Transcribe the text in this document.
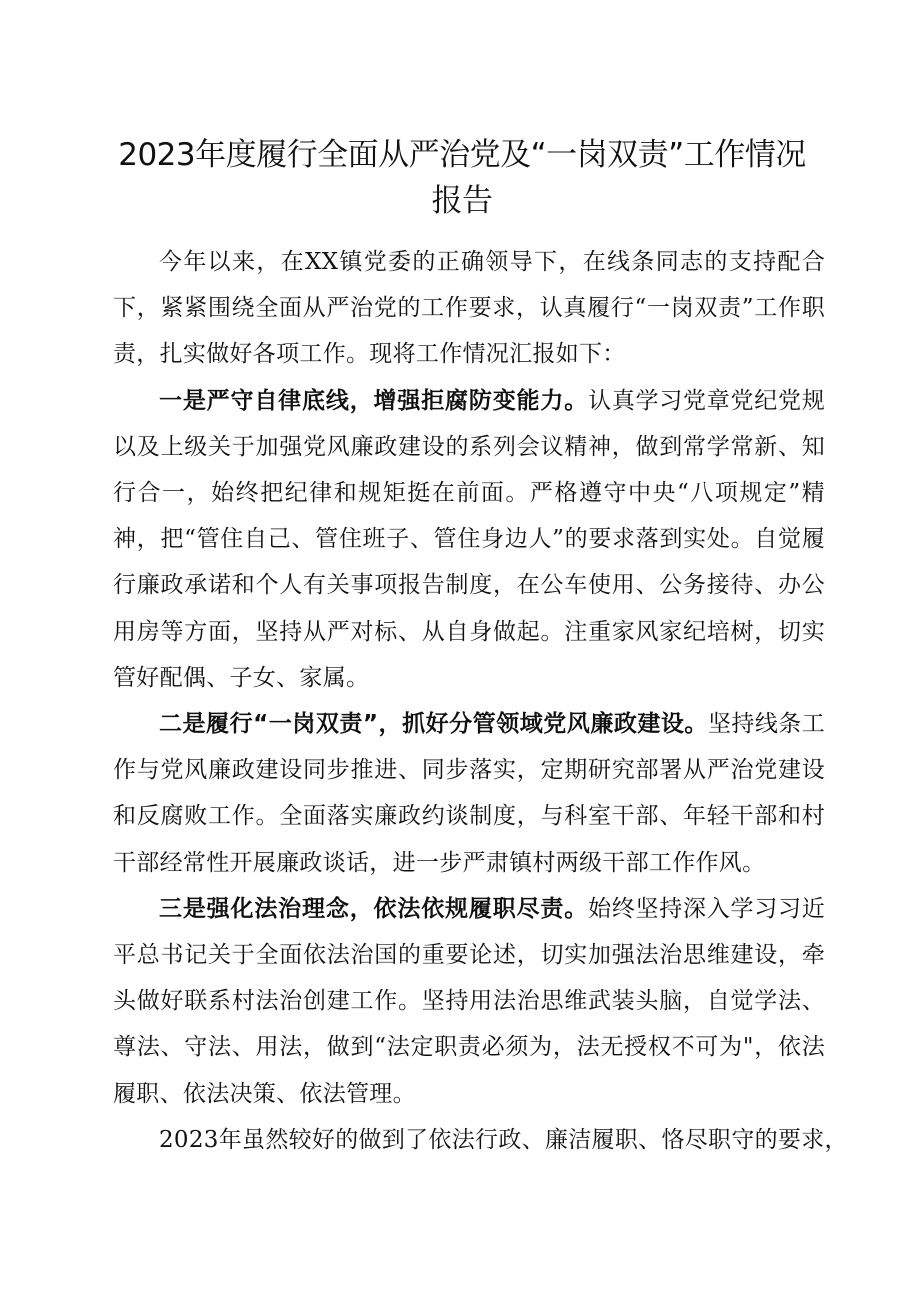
2023年度履行全面从严治党及“一岗双责”工作情况报告

今年以来，在XX镇党委的正确领导下，在线条同志的支持配合下，紧紧围绕全面从严治党的工作要求，认真履行“一岗双责”工作职责，扎实做好各项工作。现将工作情况汇报如下：

一是严守自律底线，增强拒腐防变能力。认真学习党章党纪党规以及上级关于加强党风廉政建设的系列会议精神，做到常学常新、知行合一，始终把纪律和规矩挺在前面。严格遵守中央“八项规定”精神，把“管住自己、管住班子、管住身边人”的要求落到实处。自觉履行廉政承诺和个人有关事项报告制度，在公车使用、公务接待、办公用房等方面，坚持从严对标、从自身做起。注重家风家纪培树，切实管好配偶、子女、家属。

二是履行“一岗双责”，抓好分管领域党风廉政建设。坚持线条工作与党风廉政建设同步推进、同步落实，定期研究部署从严治党建设和反腐败工作。全面落实廉政约谈制度，与科室干部、年轻干部和村干部经常性开展廉政谈话，进一步严肃镇村两级干部工作作风。

三是强化法治理念，依法依规履职尽责。始终坚持深入学习习近平总书记关于全面依法治国的重要论述，切实加强法治思维建设，牵头做好联系村法治创建工作。坚持用法治思维武装头脑，自觉学法、尊法、守法、用法，做到“法定职责必须为，法无授权不可为"，依法履职、依法决策、依法管理。

2023年虽然较好的做到了依法行政、廉洁履职、恪尽职守的要求，
